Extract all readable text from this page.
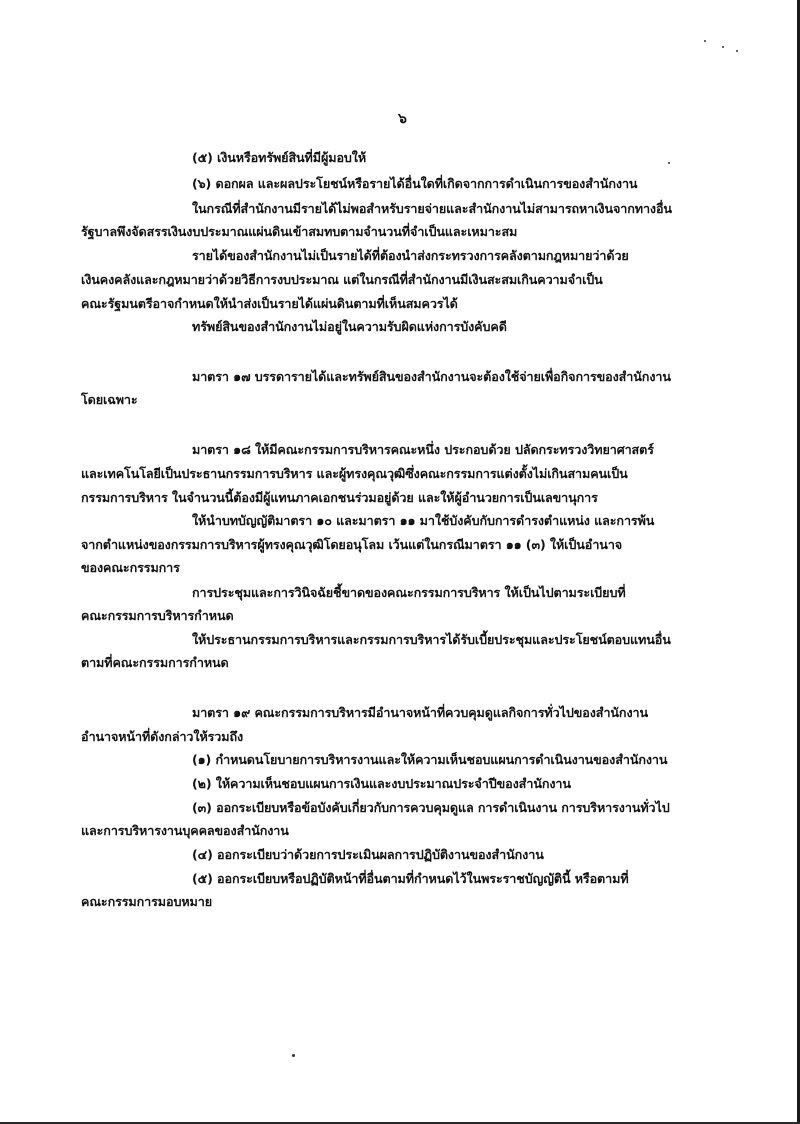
๖
(๕) เงินหรือทรัพย์สินที่มีผู้มอบให้
(๖) ดอกผล และผลประโยชน์หรือรายได้อื่นใดที่เกิดจากการดำเนินการของสำนักงาน
ในกรณีที่สำนักงานมีรายได้ไม่พอสำหรับรายจ่ายและสำนักงานไม่สามารถหาเงินจากทางอื่น
รัฐบาลพึงจัดสรรเงินงบประมาณแผ่นดินเข้าสมทบตามจำนวนที่จำเป็นและเหมาะสม
รายได้ของสำนักงานไม่เป็นรายได้ที่ต้องนำส่งกระทรวงการคลังตามกฎหมายว่าด้วย
เงินคงคลังและกฎหมายว่าด้วยวิธีการงบประมาณ แต่ในกรณีที่สำนักงานมีเงินสะสมเกินความจำเป็น
คณะรัฐมนตรีอาจกำหนดให้นำส่งเป็นรายได้แผ่นดินตามที่เห็นสมควรได้
ทรัพย์สินของสำนักงานไม่อยู่ในความรับผิดแห่งการบังคับคดี
มาตรา ๑๗ บรรดารายได้และทรัพย์สินของสำนักงานจะต้องใช้จ่ายเพื่อกิจการของสำนักงาน
โดยเฉพาะ
มาตรา ๑๘ ให้มีคณะกรรมการบริหารคณะหนึ่ง ประกอบด้วย ปลัดกระทรวงวิทยาศาสตร์
และเทคโนโลยีเป็นประธานกรรมการบริหาร และผู้ทรงคุณวุฒิซึ่งคณะกรรมการแต่งตั้งไม่เกินสามคนเป็น
กรรมการบริหาร ในจำนวนนี้ต้องมีผู้แทนภาคเอกชนร่วมอยู่ด้วย และให้ผู้อำนวยการเป็นเลขานุการ
ให้นำบทบัญญัติมาตรา ๑๐ และมาตรา ๑๑ มาใช้บังคับกับการดำรงตำแหน่ง และการพ้น
จากตำแหน่งของกรรมการบริหารผู้ทรงคุณวุฒิโดยอนุโลม เว้นแต่ในกรณีมาตรา ๑๑ (๓) ให้เป็นอำนาจ
ของคณะกรรมการ
การประชุมและการวินิจฉัยชี้ขาดของคณะกรรมการบริหาร ให้เป็นไปตามระเบียบที่
คณะกรรมการบริหารกำหนด
ให้ประธานกรรมการบริหารและกรรมการบริหารได้รับเบี้ยประชุมและประโยชน์ตอบแทนอื่น
ตามที่คณะกรรมการกำหนด
มาตรา ๑๙ คณะกรรมการบริหารมีอำนาจหน้าที่ควบคุมดูแลกิจการทั่วไปของสำนักงาน
อำนาจหน้าที่ดังกล่าวให้รวมถึง
(๑) กำหนดนโยบายการบริหารงานและให้ความเห็นชอบแผนการดำเนินงานของสำนักงาน
(๒) ให้ความเห็นชอบแผนการเงินและงบประมาณประจำปีของสำนักงาน
(๓) ออกระเบียบหรือข้อบังคับเกี่ยวกับการควบคุมดูแล การดำเนินงาน การบริหารงานทั่วไป
และการบริหารงานบุคคลของสำนักงาน
(๔) ออกระเบียบว่าด้วยการประเมินผลการปฏิบัติงานของสำนักงาน
(๕) ออกระเบียบหรือปฏิบัติหน้าที่อื่นตามที่กำหนดไว้ในพระราชบัญญัตินี้ หรือตามที่
คณะกรรมการมอบหมาย
